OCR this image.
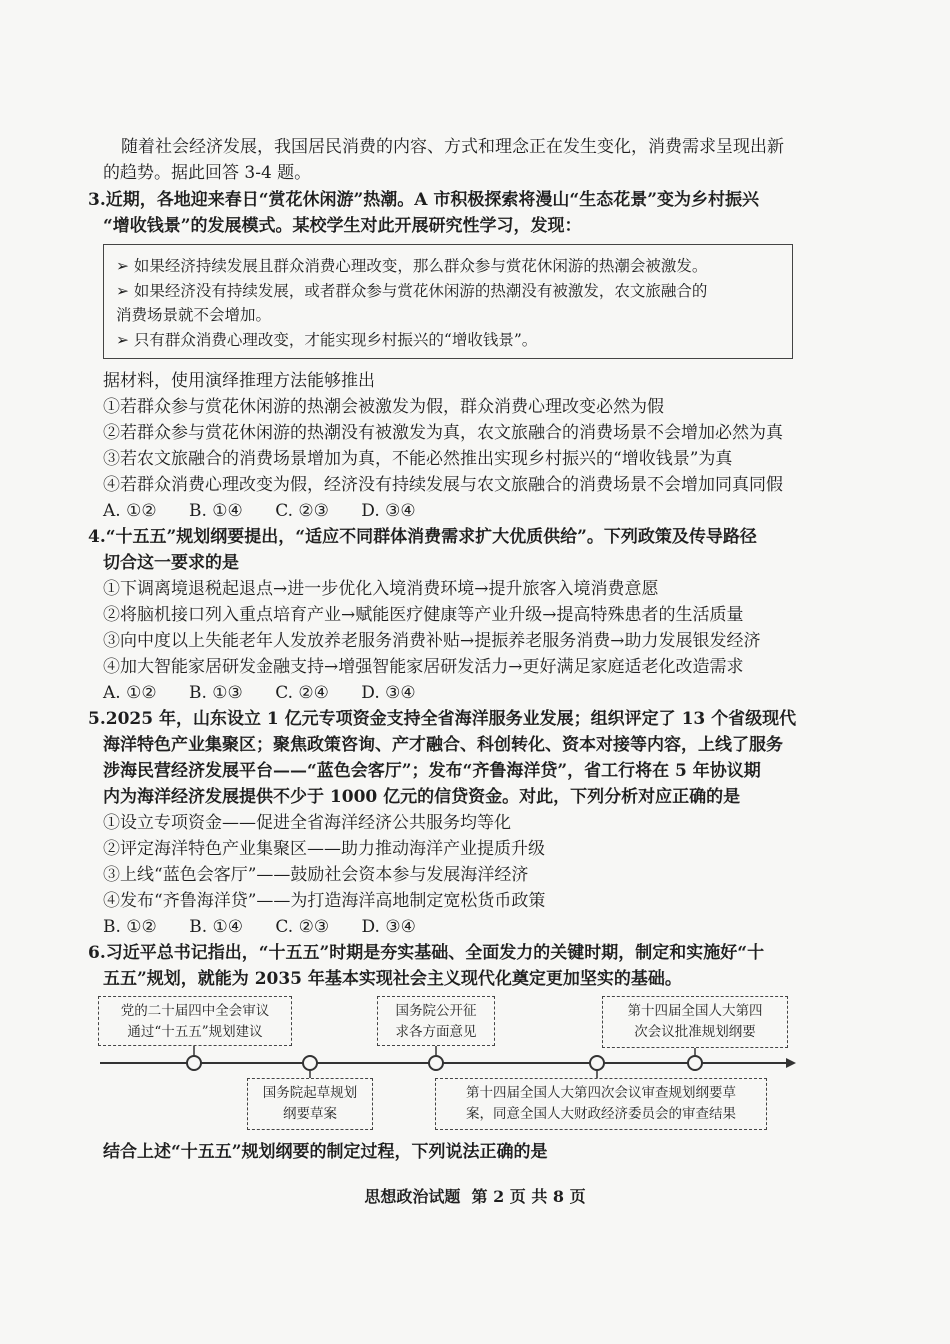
随着社会经济发展，我国居民消费的内容、方式和理念正在发生变化，消费需求呈现出新
的趋势。据此回答 3-4 题。
3.近期，各地迎来春日“赏花休闲游”热潮。A 市积极探索将漫山“生态花景”变为乡村振兴
“增收钱景”的发展模式。某校学生对此开展研究性学习，发现：
➢ 如果经济持续发展且群众消费心理改变，那么群众参与赏花休闲游的热潮会被激发。
➢ 如果经济没有持续发展，或者群众参与赏花休闲游的热潮没有被激发，农文旅融合的
消费场景就不会增加。
➢ 只有群众消费心理改变，才能实现乡村振兴的“增收钱景”。
据材料，使用演绎推理方法能够推出
①若群众参与赏花休闲游的热潮会被激发为假，群众消费心理改变必然为假
②若群众参与赏花休闲游的热潮没有被激发为真，农文旅融合的消费场景不会增加必然为真
③若农文旅融合的消费场景增加为真，不能必然推出实现乡村振兴的“增收钱景”为真
④若群众消费心理改变为假，经济没有持续发展与农文旅融合的消费场景不会增加同真同假
A. ①②      B. ①④      C. ②③      D. ③④
4.“十五五”规划纲要提出，“适应不同群体消费需求扩大优质供给”。下列政策及传导路径
切合这一要求的是
①下调离境退税起退点→进一步优化入境消费环境→提升旅客入境消费意愿
②将脑机接口列入重点培育产业→赋能医疗健康等产业升级→提高特殊患者的生活质量
③向中度以上失能老年人发放养老服务消费补贴→提振养老服务消费→助力发展银发经济
④加大智能家居研发金融支持→增强智能家居研发活力→更好满足家庭适老化改造需求
A. ①②      B. ①③      C. ②④      D. ③④
5.2025 年，山东设立 1 亿元专项资金支持全省海洋服务业发展；组织评定了 13 个省级现代
海洋特色产业集聚区；聚焦政策咨询、产才融合、科创转化、资本对接等内容，上线了服务
涉海民营经济发展平台——“蓝色会客厅”；发布“齐鲁海洋贷”，省工行将在 5 年协议期
内为海洋经济发展提供不少于 1000 亿元的信贷资金。对此，下列分析对应正确的是
①设立专项资金——促进全省海洋经济公共服务均等化
②评定海洋特色产业集聚区——助力推动海洋产业提质升级
③上线“蓝色会客厅”——鼓励社会资本参与发展海洋经济
④发布“齐鲁海洋贷”——为打造海洋高地制定宽松货币政策
B. ①②      B. ①④      C. ②③      D. ③④
6.习近平总书记指出，“十五五”时期是夯实基础、全面发力的关键时期，制定和实施好“十
五五”规划，就能为 2035 年基本实现社会主义现代化奠定更加坚实的基础。
党的二十届四中全会审议
通过“十五五”规划建议
国务院公开征
求各方面意见
第十四届全国人大第四
次会议批准规划纲要
国务院起草规划
纲要草案
第十四届全国人大第四次会议审查规划纲要草
案，同意全国人大财政经济委员会的审查结果
结合上述“十五五”规划纲要的制定过程，下列说法正确的是
思想政治试题  第 2 页 共 8 页
